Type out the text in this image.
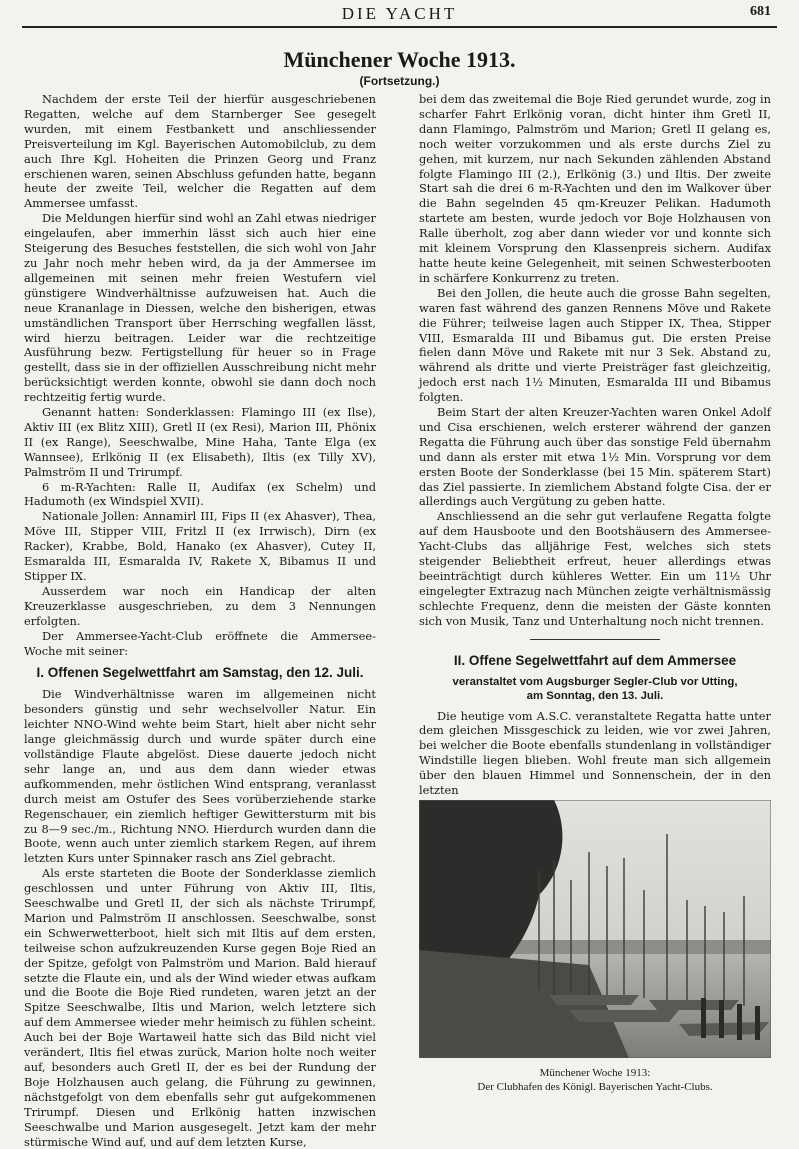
DIE YACHT	681
Münchener Woche 1913.
(Fortsetzung.)

Nachdem der erste Teil der hierfür ausgeschriebenen Regatten, welche auf dem Starnberger See gesegelt wurden, mit einem Festbankett und anschliessender Preisverteilung im Kgl. Bayerischen Automobilclub, zu dem auch Ihre Kgl. Hoheiten die Prinzen Georg und Franz erschienen waren, seinen Abschluss gefunden hatte, begann heute der zweite Teil, welcher die Regatten auf dem Ammersee umfasst.

Die Meldungen hierfür sind wohl an Zahl etwas niedriger eingelaufen, aber immerhin lässt sich auch hier eine Steigerung des Besuches feststellen, die sich wohl von Jahr zu Jahr noch mehr heben wird, da ja der Ammersee im allgemeinen mit seinen mehr freien Westufern viel günstigere Windverhältnisse aufzuweisen hat. Auch die neue Krananlage in Diessen, welche den bisherigen, etwas umständlichen Transport über Herrsching wegfallen lässt, wird hierzu beitragen. Leider war die rechtzeitige Ausführung bezw. Fertigstellung für heuer so in Frage gestellt, dass sie in der offiziellen Ausschreibung nicht mehr berücksichtigt werden konnte, obwohl sie dann doch noch rechtzeitig fertig wurde.

Genannt hatten: Sonderklassen: Flamingo III (ex Ilse), Aktiv III (ex Blitz XIII), Gretl II (ex Resi), Marion III, Phönix II (ex Range), Seeschwalbe, Mine Haha, Tante Elga (ex Wannsee), Erlkönig II (ex Elisabeth), Iltis (ex Tilly XV), Palmström II und Trirumpf.

6 m-R-Yachten: Ralle II, Audifax (ex Schelm) und Hadumoth (ex Windspiel XVII).

Nationale Jollen: Annamirl III, Fips II (ex Ahasver), Thea, Möve III, Stipper VIII, Fritzl II (ex Irrwisch), Dirn (ex Racker), Krabbe, Bold, Hanako (ex Ahasver), Cutey II, Esmaralda III, Esmaralda IV, Rakete X, Bibamus II und Stipper IX.

Ausserdem war noch ein Handicap der alten Kreuzerklasse ausgeschrieben, zu dem 3 Nennungen erfolgten.

Der Ammersee-Yacht-Club eröffnete die Ammersee-Woche mit seiner:

I. Offenen Segelwettfahrt am Samstag, den 12. Juli.

Die Windverhältnisse waren im allgemeinen nicht besonders günstig und sehr wechselvoller Natur. Ein leichter NNO-Wind wehte beim Start, hielt aber nicht sehr lange gleichmässig durch und wurde später durch eine vollständige Flaute abgelöst. Diese dauerte jedoch nicht sehr lange an, und aus dem dann wieder etwas aufkommenden, mehr östlichen Wind entsprang, veranlasst durch meist am Ostufer des Sees vorüberziehende starke Regenschauer, ein ziemlich heftiger Gewittersturm mit bis zu 8—9 sec./m., Richtung NNO. Hierdurch wurden dann die Boote, wenn auch unter ziemlich starkem Regen, auf ihrem letzten Kurs unter Spinnaker rasch ans Ziel gebracht.

Als erste starteten die Boote der Sonderklasse ziemlich geschlossen und unter Führung von Aktiv III, Iltis, Seeschwalbe und Gretl II, der sich als nächste Trirumpf, Marion und Palmström II anschlossen. Seeschwalbe, sonst ein Schwerwetterboot, hielt sich mit Iltis auf dem ersten, teilweise schon aufzukreuzenden Kurse gegen Boje Ried an der Spitze, gefolgt von Palmström und Marion. Bald hierauf setzte die Flaute ein, und als der Wind wieder etwas aufkam und die Boote die Boje Ried rundeten, waren jetzt an der Spitze Seeschwalbe, Iltis und Marion, welch letztere sich auf dem Ammersee wieder mehr heimisch zu fühlen scheint. Auch bei der Boje Wartaweil hatte sich das Bild nicht viel verändert, Iltis fiel etwas zurück, Marion holte noch weiter auf, besonders auch Gretl II, der es bei der Rundung der Boje Holzhausen auch gelang, die Führung zu gewinnen, nächstgefolgt von dem ebenfalls sehr gut aufgekommenen Trirumpf. Diesen und Erlkönig hatten inzwischen Seeschwalbe und Marion ausgesegelt. Jetzt kam der mehr stürmische Wind auf, und auf dem letzten Kurse,

bei dem das zweitemal die Boje Ried gerundet wurde, zog in scharfer Fahrt Erlkönig voran, dicht hinter ihm Gretl II, dann Flamingo, Palmström und Marion; Gretl II gelang es, noch weiter vorzukommen und als erste durchs Ziel zu gehen, mit kurzem, nur nach Sekunden zählenden Abstand folgte Flamingo III (2.), Erlkönig (3.) und Iltis. Der zweite Start sah die drei 6 m-R-Yachten und den im Walkover über die Bahn segelnden 45 qm-Kreuzer Pelikan. Hadumoth startete am besten, wurde jedoch vor Boje Holzhausen von Ralle überholt, zog aber dann wieder vor und konnte sich mit kleinem Vorsprung den Klassenpreis sichern. Audifax hatte heute keine Gelegenheit, mit seinen Schwesterbooten in schärfere Konkurrenz zu treten.

Bei den Jollen, die heute auch die grosse Bahn segelten, waren fast während des ganzen Rennens Möve und Rakete die Führer; teilweise lagen auch Stipper IX, Thea, Stipper VIII, Esmaralda III und Bibamus gut. Die ersten Preise fielen dann Möve und Rakete mit nur 3 Sek. Abstand zu, während als dritte und vierte Preisträger fast gleichzeitig, jedoch erst nach 1½ Minuten, Esmaralda III und Bibamus folgten.

Beim Start der alten Kreuzer-Yachten waren Onkel Adolf und Cisa erschienen, welch ersterer während der ganzen Regatta die Führung auch über das sonstige Feld übernahm und dann als erster mit etwa 1½ Min. Vorsprung vor dem ersten Boote der Sonderklasse (bei 15 Min. späterem Start) das Ziel passierte. In ziemlichem Abstand folgte Cisa. der er allerdings auch Vergütung zu geben hatte.

Anschliessend an die sehr gut verlaufene Regatta folgte auf dem Hausboote und den Bootshäusern des Ammersee-Yacht-Clubs das alljährige Fest, welches sich stets steigender Beliebtheit erfreut, heuer allerdings etwas beeinträchtigt durch kühleres Wetter. Ein um 11½ Uhr eingelegter Extrazug nach München zeigte verhältnismässig schlechte Frequenz, denn die meisten der Gäste konnten sich von Musik, Tanz und Unterhaltung noch nicht trennen.

II. Offene Segelwettfahrt auf dem Ammersee
veranstaltet vom Augsburger Segler-Club vor Utting,
am Sonntag, den 13. Juli.

Die heutige vom A.S.C. veranstaltete Regatta hatte unter dem gleichen Missgeschick zu leiden, wie vor zwei Jahren, bei welcher die Boote ebenfalls stundenlang in vollständiger Windstille liegen blieben. Wohl freute man sich allgemein über den blauen Himmel und Sonnenschein, der in den letzten

Münchener Woche 1913:
Der Clubhafen des Königl. Bayerischen Yacht-Clubs.
